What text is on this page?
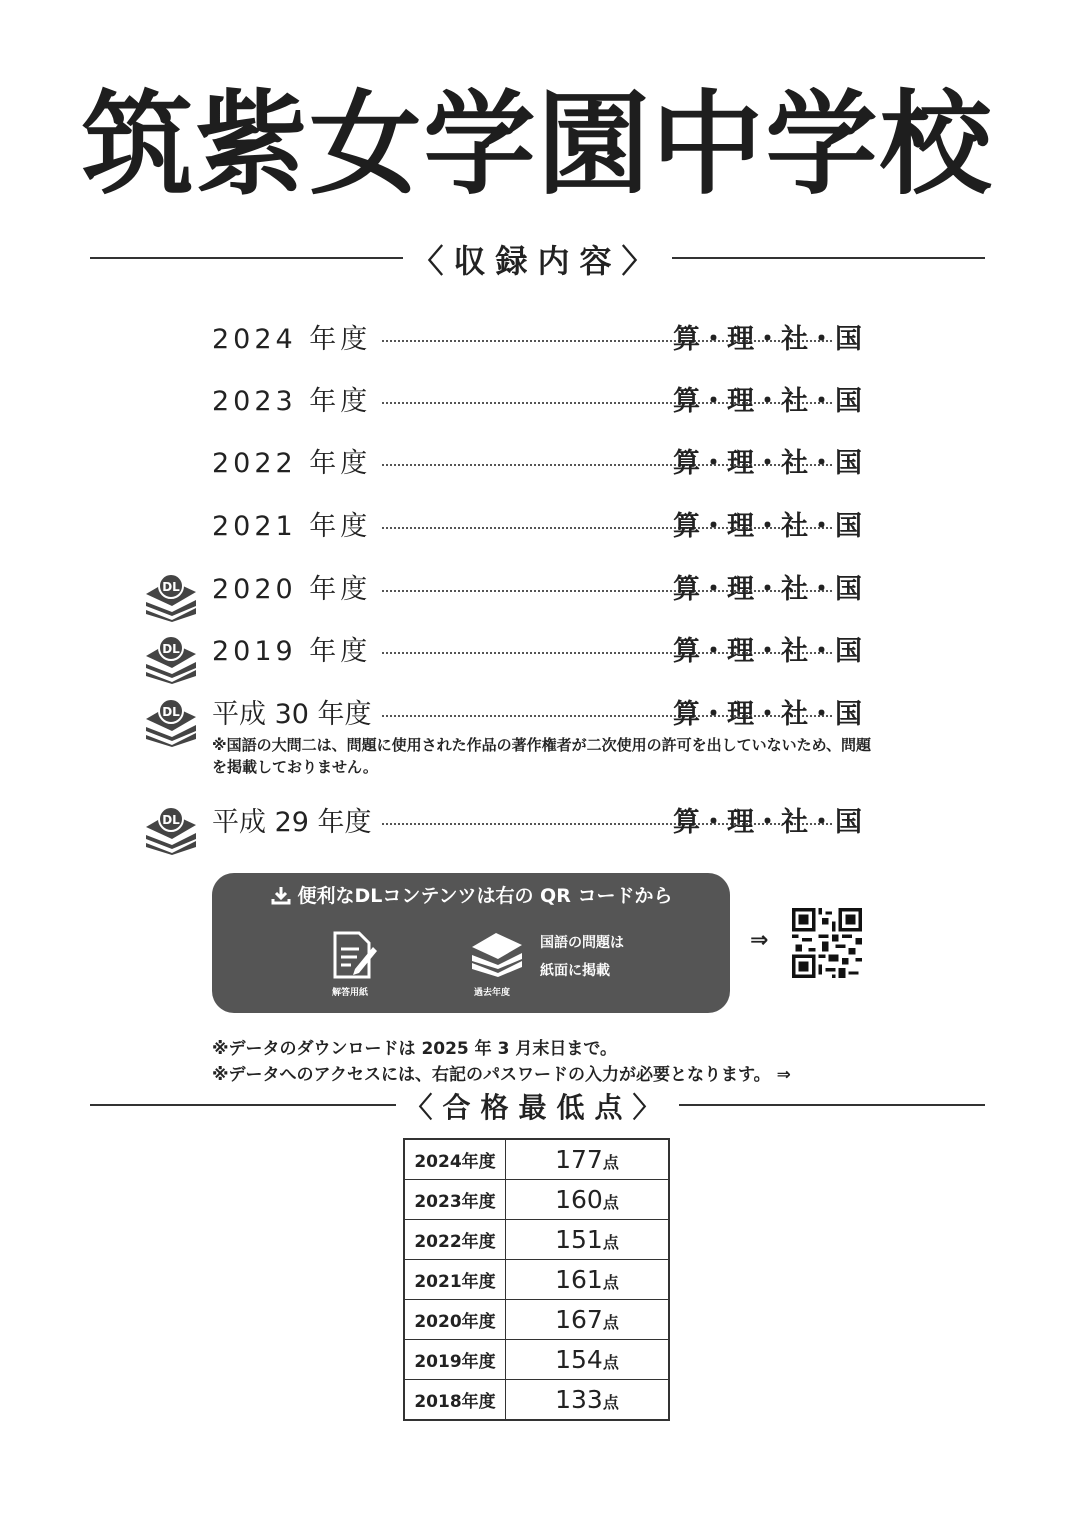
筑紫女学園中学校
〈収録内容〉
2024 年度	算・理・社・国
2023 年度	算・理・社・国
2022 年度	算・理・社・国
2021 年度	算・理・社・国
2020 年度	算・理・社・国
2019 年度	算・理・社・国
平成 30 年度	算・理・社・国
平成 29 年度	算・理・社・国
DL
DL
DL
DL
※国語の大問二は、問題に使用された作品の著作権者が二次使用の許可を出していないため、問題を掲載しておりません。
便利なDLコンテンツは右の QR コードから
解答用紙	過去年度
国語の問題は
紙面に掲載
⇒
※データのダウンロードは 2025 年 3 月末日まで。
※データへのアクセスには、右記のパスワードの入力が必要となります。 ⇒
〈合格最低点〉
2024年度	177点
2023年度	160点
2022年度	151点
2021年度	161点
2020年度	167点
2019年度	154点
2018年度	133点
